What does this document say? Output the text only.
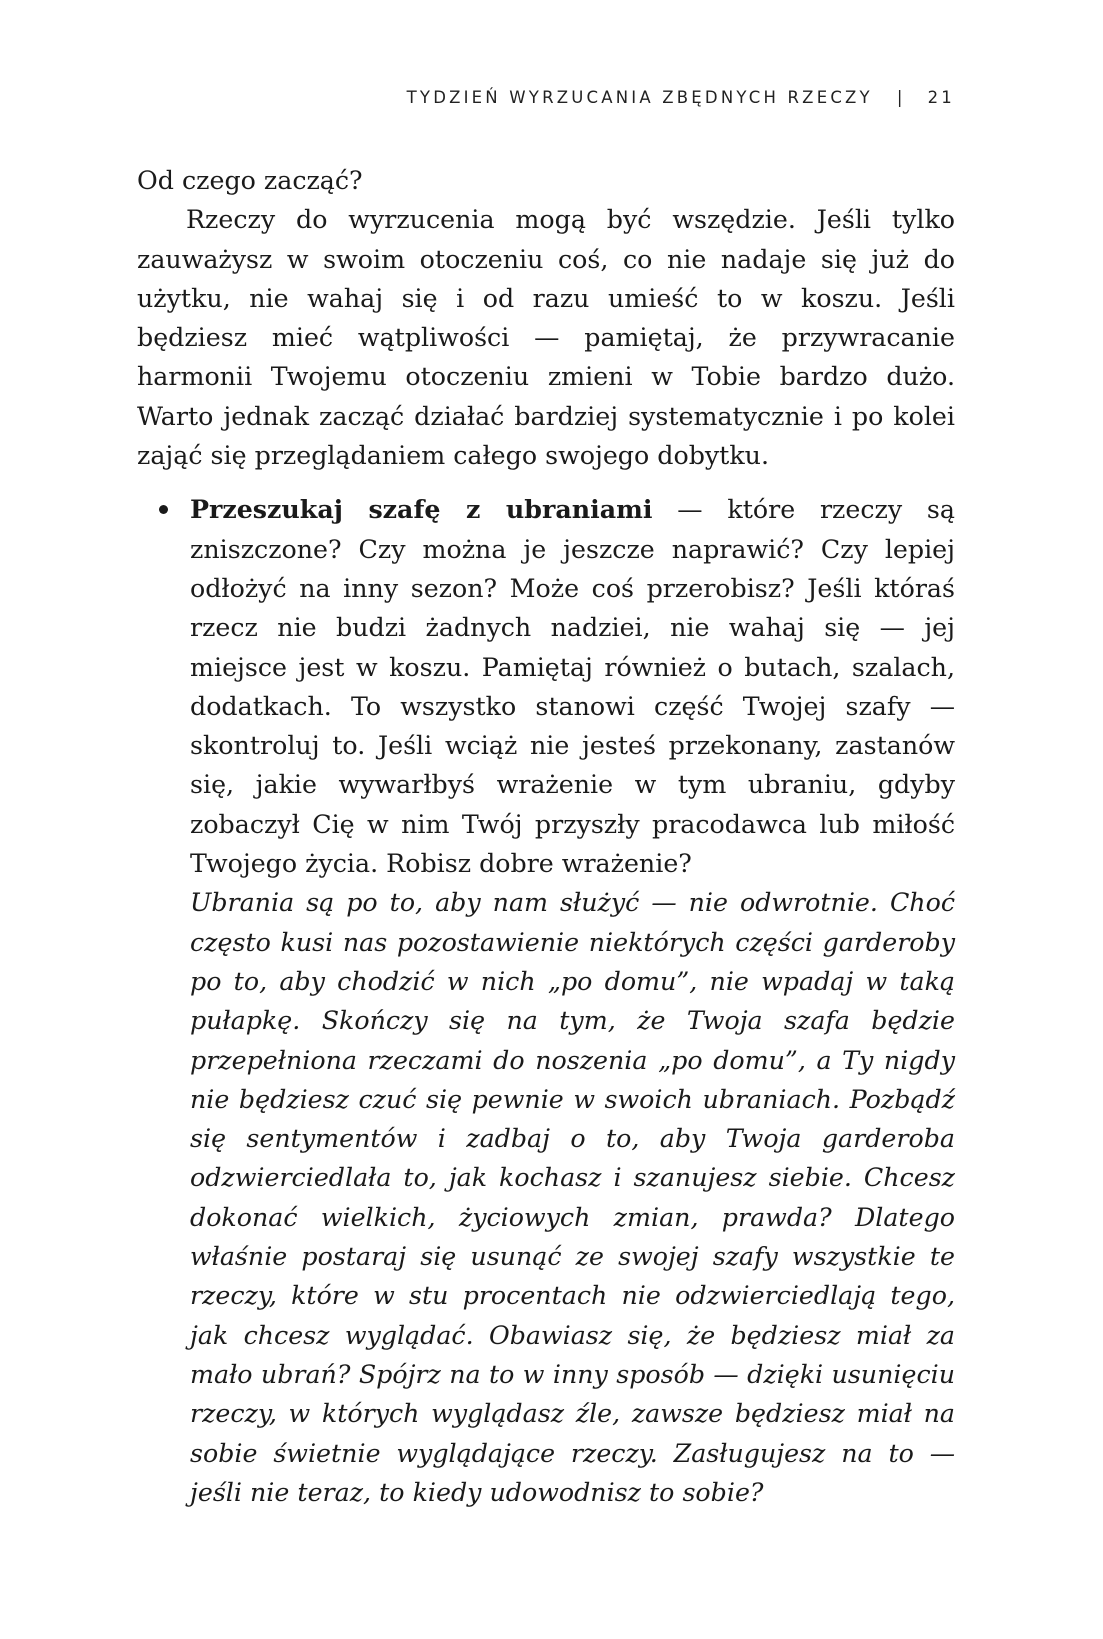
TYDZIEŃ WYRZUCANIA ZBĘDNYCH RZECZY | 21

Od czego zacząć?

Rzeczy do wyrzucenia mogą być wszędzie. Jeśli tylko zauważysz w swoim otoczeniu coś, co nie nadaje się już do użytku, nie wahaj się i od razu umieść to w koszu. Jeśli będziesz mieć wątpliwości — pamiętaj, że przywracanie harmonii Twojemu otoczeniu zmieni w Tobie bardzo dużo. Warto jednak zacząć działać bardziej systematycznie i po kolei zająć się przeglądaniem całego swojego dobytku.

Przeszukaj szafę z ubraniami — które rzeczy są zniszczone? Czy można je jeszcze naprawić? Czy lepiej odłożyć na inny sezon? Może coś przerobisz? Jeśli któraś rzecz nie budzi żadnych nadziei, nie wahaj się — jej miejsce jest w koszu. Pamiętaj również o butach, szalach, dodatkach. To wszystko stanowi część Twojej szafy — skontroluj to. Jeśli wciąż nie jesteś przekonany, zastanów się, jakie wywarłbyś wrażenie w tym ubraniu, gdyby zobaczył Cię w nim Twój przyszły pracodawca lub miłość Twojego życia. Robisz dobre wrażenie?

Ubrania są po to, aby nam służyć — nie odwrotnie. Choć często kusi nas pozostawienie niektórych części garderoby po to, aby chodzić w nich „po domu”, nie wpadaj w taką pułapkę. Skończy się na tym, że Twoja szafa będzie przepełniona rzeczami do noszenia „po domu”, a Ty nigdy nie będziesz czuć się pewnie w swoich ubraniach. Pozbądź się sentymentów i zadbaj o to, aby Twoja garderoba odzwierciedlała to, jak kochasz i szanujesz siebie. Chcesz dokonać wielkich, życiowych zmian, prawda? Dlatego właśnie postaraj się usunąć ze swojej szafy wszystkie te rzeczy, które w stu procentach nie odzwierciedlają tego, jak chcesz wyglądać. Obawiasz się, że będziesz miał za mało ubrań? Spójrz na to w inny sposób — dzięki usunięciu rzeczy, w których wyglądasz źle, zawsze będziesz miał na sobie świetnie wyglądające rzeczy. Zasługujesz na to — jeśli nie teraz, to kiedy udowodnisz to sobie?
